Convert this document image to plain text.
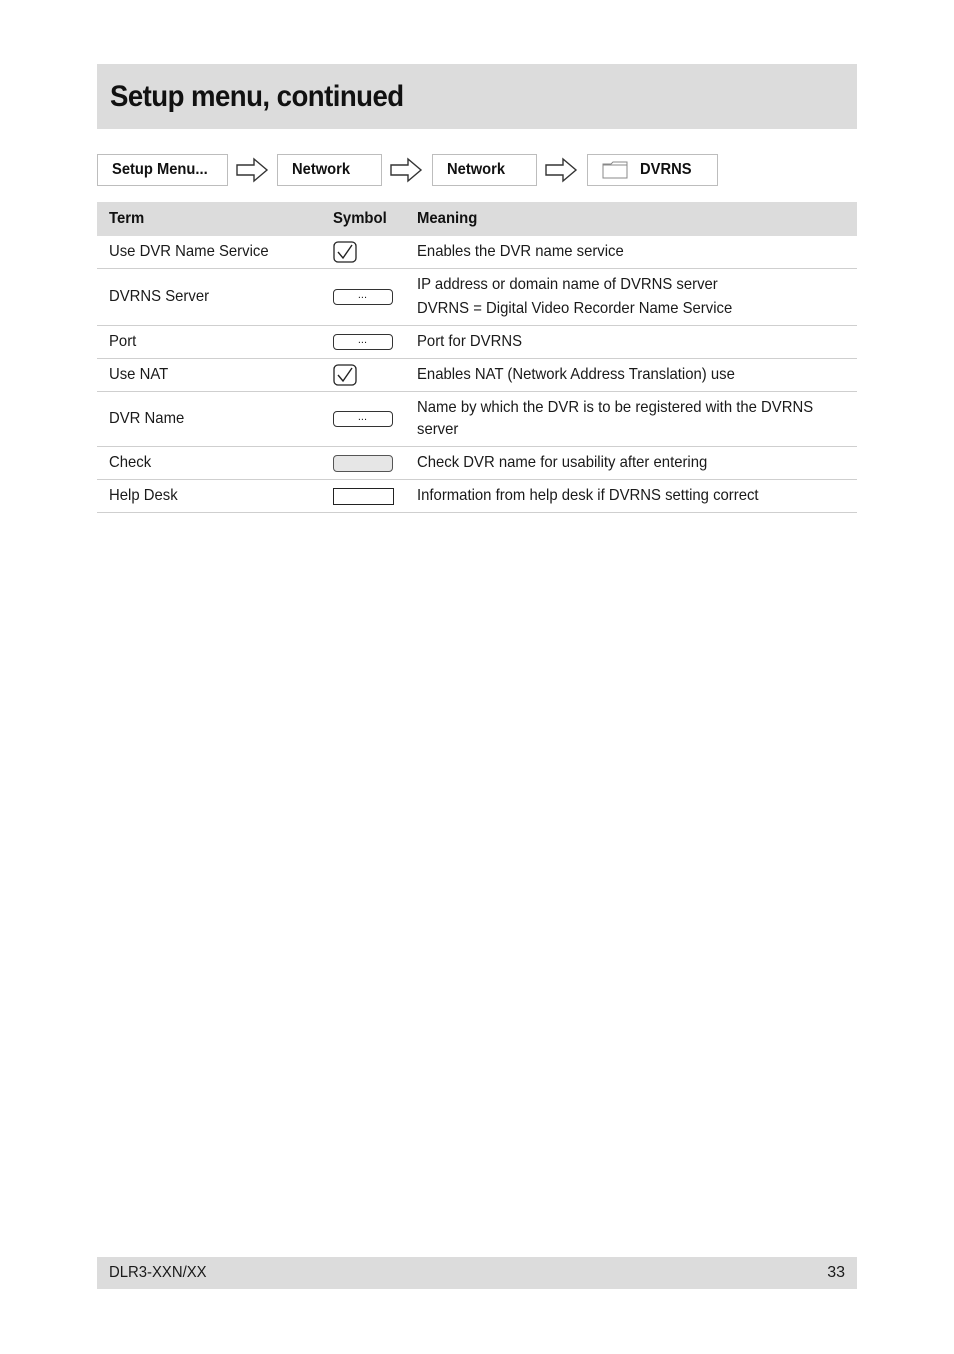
Setup menu, continued
Setup Menu...	Network	Network	DVRNS
Term	Symbol	Meaning
Use DVR Name Service		Enables the DVR name service

DVRNS Server	...	IP address or domain name of DVRNS server
DVRNS = Digital Video Recorder Name Service

Port	...	Port for DVRNS

Use NAT		Enables NAT (Network Address Translation) use

DVR Name	...	Name by which the DVR is to be registered with the DVRNS server

Check		Check DVR name for usability after entering

Help Desk		Information from help desk if DVRNS setting correct
DLR3-XXN/XX	33
